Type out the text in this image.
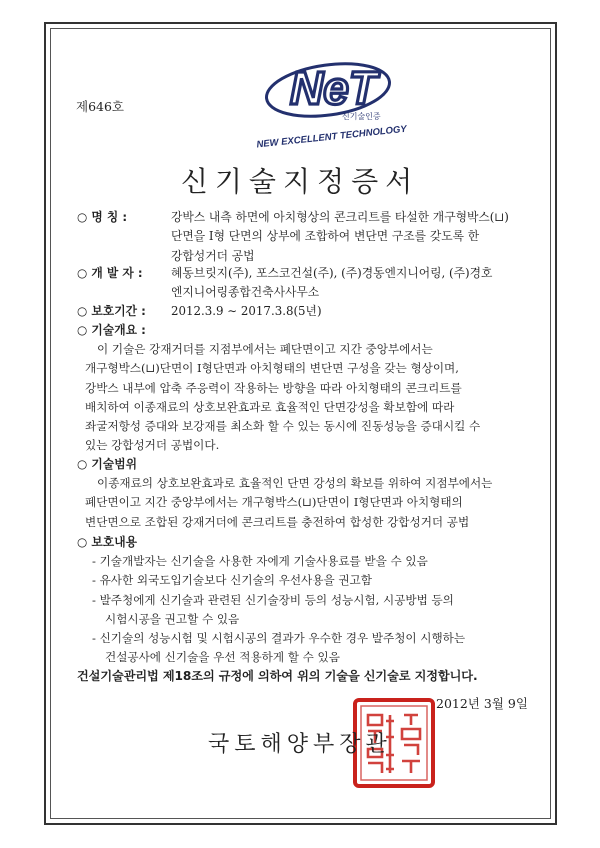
제646호	NeT
신기술인증
NEW EXCELLENT TECHNOLOGY
신기술지정증서
○ 명 칭 :	강박스 내측 하면에 아치형상의 콘크리트를 타설한 개구형박스(⊔)
단면을 I형 단면의 상부에 조합하여 변단면 구조를 갖도록 한
강합성거더 공법
○ 개 발 자 :	혜동브릿지(주), 포스코건설(주), (주)경동엔지니어링, (주)경호
엔지니어링종합건축사사무소
○ 보호기간 :	2012.3.9 ∼ 2017.3.8(5년)
○ 기술개요 :
이 기술은 강재거더를 지점부에서는 폐단면이고 지간 중앙부에서는
개구형박스(⊔)단면이 I형단면과 아치형태의 변단면 구성을 갖는 형상이며,
강박스 내부에 압축 주응력이 작용하는 방향을 따라 아치형태의 콘크리트를
배치하여 이종재료의 상호보완효과로 효율적인 단면강성을 확보함에 따라
좌굴저항성 증대와 보강재를 최소화 할 수 있는 동시에 진동성능을 증대시킬 수
있는 강합성거더 공법이다.
○ 기술범위
이종재료의 상호보완효과로 효율적인 단면 강성의 확보를 위하여 지점부에서는
폐단면이고 지간 중앙부에서는 개구형박스(⊔)단면이 I형단면과 아치형태의
변단면으로 조합된 강재거더에 콘크리트를 충전하여 합성한 강합성거더 공법
○ 보호내용
- 기술개발자는 신기술을 사용한 자에게 기술사용료를 받을 수 있음
- 유사한 외국도입기술보다 신기술의 우선사용을 권고함
- 발주청에게 신기술과 관련된 신기술장비 등의 성능시험, 시공방법 등의
시험시공을 권고할 수 있음
- 신기술의 성능시험 및 시험시공의 결과가 우수한 경우 발주청이 시행하는
건설공사에 신기술을 우선 적용하게 할 수 있음
건설기술관리법 제18조의 규정에 의하여 위의 기술을 신기술로 지정합니다.
2012년 3월 9일
국토해양부장관
